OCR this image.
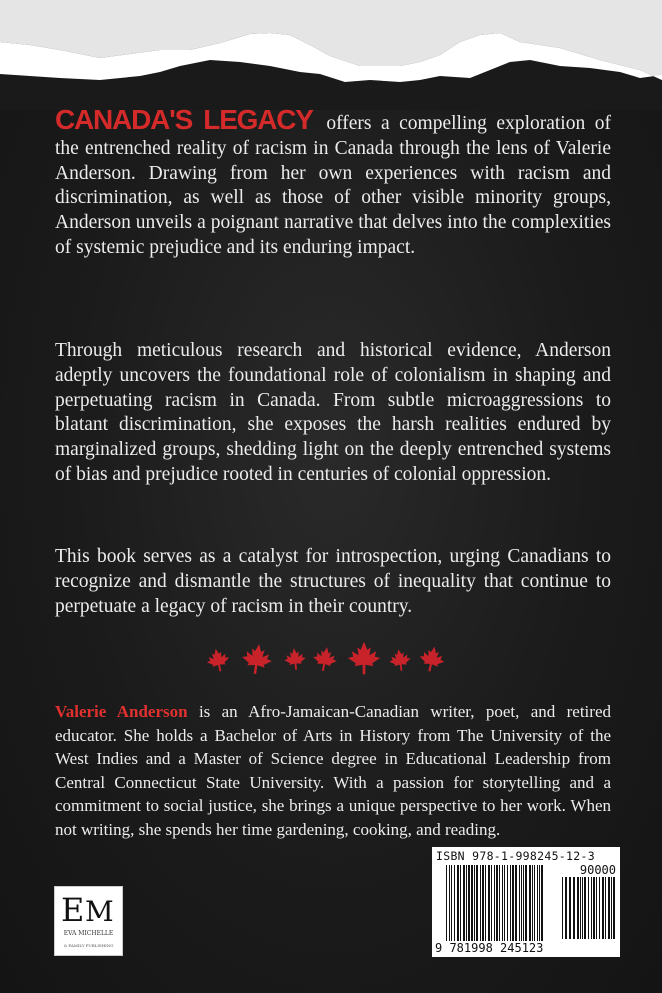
CANADA'S LEGACY offers a compelling exploration of the entrenched reality of racism in Canada through the lens of Valerie Anderson. Drawing from her own experiences with racism and discrimination, as well as those of other visible minority groups, Anderson unveils a poignant narrative that delves into the complexities of systemic prejudice and its enduring impact.
Through meticulous research and historical evidence, Anderson adeptly uncovers the foundational role of colonialism in shaping and perpetuating racism in Canada. From subtle microaggressions to blatant discrimination, she exposes the harsh realities endured by marginalized groups, shedding light on the deeply entrenched systems of bias and prejudice rooted in centuries of colonial oppression.
This book serves as a catalyst for introspection, urging Canadians to recognize and dismantle the structures of inequality that continue to perpetuate a legacy of racism in their country.
Valerie Anderson is an Afro-Jamaican-Canadian writer, poet, and retired educator. She holds a Bachelor of Arts in History from The University of the West Indies and a Master of Science degree in Educational Leadership from Central Connecticut State University. With a passion for storytelling and a commitment to social justice, she brings a unique perspective to her work. When not writing, she spends her time gardening, cooking, and reading.
E M
EVA MICHELLE
& FAMILY PUBLISHING
ISBN 978-1-998245-12-3
90000
9 781998 245123
